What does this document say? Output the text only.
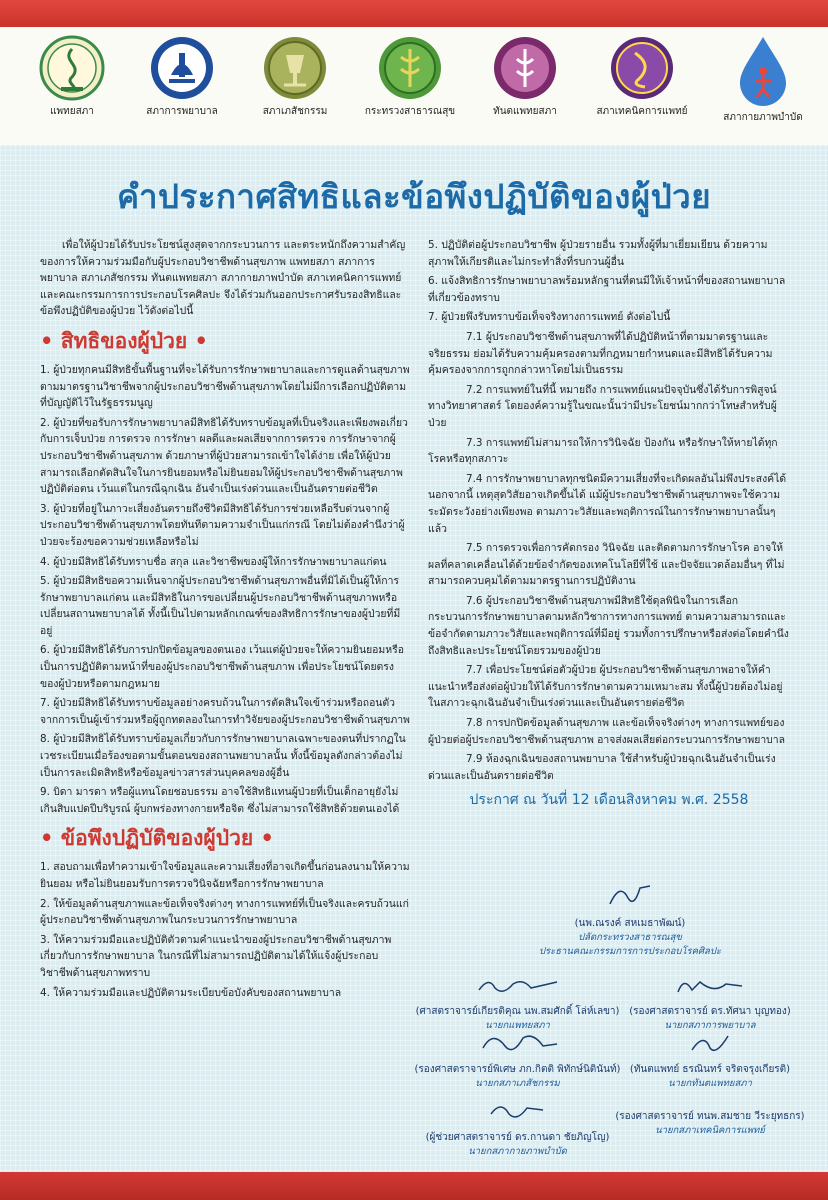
แพทยสภา	สภาการพยาบาล	สภาเภสัชกรรม	กระทรวงสาธารณสุข	ทันตแพทยสภา	สภาเทคนิคการแพทย์
สภากายภาพบำบัด
คำประกาศสิทธิและข้อพึงปฏิบัติของผู้ป่วย

เพื่อให้ผู้ป่วยได้รับประโยชน์สูงสุดจากกระบวนการ และตระหนักถึงความสำคัญของการให้ความร่วมมือกับผู้ประกอบวิชาชีพด้านสุขภาพ แพทยสภา สภาการพยาบาล สภาเภสัชกรรม ทันตแพทยสภา สภากายภาพบำบัด สภาเทคนิคการแพทย์ และคณะกรรมการการประกอบโรคศิลปะ จึงได้ร่วมกันออกประกาศรับรองสิทธิและข้อพึงปฏิบัติของผู้ป่วย ไว้ดังต่อไปนี้

• สิทธิของผู้ป่วย •

1. ผู้ป่วยทุกคนมีสิทธิขั้นพื้นฐานที่จะได้รับการรักษาพยาบาลและการดูแลด้านสุขภาพตามมาตรฐานวิชาชีพจากผู้ประกอบวิชาชีพด้านสุขภาพโดยไม่มีการเลือกปฏิบัติตามที่บัญญัติไว้ในรัฐธรรมนูญ

2. ผู้ป่วยที่ขอรับการรักษาพยาบาลมีสิทธิได้รับทราบข้อมูลที่เป็นจริงและเพียงพอเกี่ยวกับการเจ็บป่วย การตรวจ การรักษา ผลดีและผลเสียจากการตรวจ การรักษาจากผู้ประกอบวิชาชีพด้านสุขภาพ ด้วยภาษาที่ผู้ป่วยสามารถเข้าใจได้ง่าย เพื่อให้ผู้ป่วยสามารถเลือกตัดสินใจในการยินยอมหรือไม่ยินยอมให้ผู้ประกอบวิชาชีพด้านสุขภาพปฏิบัติต่อตน เว้นแต่ในกรณีฉุกเฉิน อันจำเป็นเร่งด่วนและเป็นอันตรายต่อชีวิต

3. ผู้ป่วยที่อยู่ในภาวะเสี่ยงอันตรายถึงชีวิตมีสิทธิได้รับการช่วยเหลือรีบด่วนจากผู้ประกอบวิชาชีพด้านสุขภาพโดยทันทีตามความจำเป็นแก่กรณี โดยไม่ต้องคำนึงว่าผู้ป่วยจะร้องขอความช่วยเหลือหรือไม่

4. ผู้ป่วยมีสิทธิได้รับทราบชื่อ สกุล และวิชาชีพของผู้ให้การรักษาพยาบาลแก่ตน

5. ผู้ป่วยมีสิทธิขอความเห็นจากผู้ประกอบวิชาชีพด้านสุขภาพอื่นที่มิได้เป็นผู้ให้การรักษาพยาบาลแก่ตน และมีสิทธิในการขอเปลี่ยนผู้ประกอบวิชาชีพด้านสุขภาพหรือเปลี่ยนสถานพยาบาลได้ ทั้งนี้เป็นไปตามหลักเกณฑ์ของสิทธิการรักษาของผู้ป่วยที่มีอยู่

6. ผู้ป่วยมีสิทธิได้รับการปกปิดข้อมูลของตนเอง เว้นแต่ผู้ป่วยจะให้ความยินยอมหรือเป็นการปฏิบัติตามหน้าที่ของผู้ประกอบวิชาชีพด้านสุขภาพ เพื่อประโยชน์โดยตรงของผู้ป่วยหรือตามกฎหมาย

7. ผู้ป่วยมีสิทธิได้รับทราบข้อมูลอย่างครบถ้วนในการตัดสินใจเข้าร่วมหรือถอนตัวจากการเป็นผู้เข้าร่วมหรือผู้ถูกทดลองในการทำวิจัยของผู้ประกอบวิชาชีพด้านสุขภาพ

8. ผู้ป่วยมีสิทธิได้รับทราบข้อมูลเกี่ยวกับการรักษาพยาบาลเฉพาะของตนที่ปรากฏในเวชระเบียนเมื่อร้องขอตามขั้นตอนของสถานพยาบาลนั้น ทั้งนี้ข้อมูลดังกล่าวต้องไม่เป็นการละเมิดสิทธิหรือข้อมูลข่าวสารส่วนบุคคลของผู้อื่น

9. บิดา มารดา หรือผู้แทนโดยชอบธรรม อาจใช้สิทธิแทนผู้ป่วยที่เป็นเด็กอายุยังไม่เกินสิบแปดปีบริบูรณ์ ผู้บกพร่องทางกายหรือจิต ซึ่งไม่สามารถใช้สิทธิด้วยตนเองได้

• ข้อพึงปฏิบัติของผู้ป่วย •

1. สอบถามเพื่อทำความเข้าใจข้อมูลและความเสี่ยงที่อาจเกิดขึ้นก่อนลงนามให้ความยินยอม หรือไม่ยินยอมรับการตรวจวินิจฉัยหรือการรักษาพยาบาล

2. ให้ข้อมูลด้านสุขภาพและข้อเท็จจริงต่างๆ ทางการแพทย์ที่เป็นจริงและครบถ้วนแก่ผู้ประกอบวิชาชีพด้านสุขภาพในกระบวนการรักษาพยาบาล

3. ให้ความร่วมมือและปฏิบัติตัวตามคำแนะนำของผู้ประกอบวิชาชีพด้านสุขภาพเกี่ยวกับการรักษาพยาบาล ในกรณีที่ไม่สามารถปฏิบัติตามได้ให้แจ้งผู้ประกอบวิชาชีพด้านสุขภาพทราบ

4. ให้ความร่วมมือและปฏิบัติตามระเบียบข้อบังคับของสถานพยาบาล

5. ปฏิบัติต่อผู้ประกอบวิชาชีพ ผู้ป่วยรายอื่น รวมทั้งผู้ที่มาเยี่ยมเยียน ด้วยความสุภาพให้เกียรติและไม่กระทำสิ่งที่รบกวนผู้อื่น

6. แจ้งสิทธิการรักษาพยาบาลพร้อมหลักฐานที่ตนมีให้เจ้าหน้าที่ของสถานพยาบาลที่เกี่ยวข้องทราบ

7. ผู้ป่วยพึงรับทราบข้อเท็จจริงทางการแพทย์ ดังต่อไปนี้

7.1 ผู้ประกอบวิชาชีพด้านสุขภาพที่ได้ปฏิบัติหน้าที่ตามมาตรฐานและจริยธรรม ย่อมได้รับความคุ้มครองตามที่กฎหมายกำหนดและมีสิทธิได้รับความคุ้มครองจากการถูกกล่าวหาโดยไม่เป็นธรรม

7.2 การแพทย์ในที่นี้ หมายถึง การแพทย์แผนปัจจุบันซึ่งได้รับการพิสูจน์ทางวิทยาศาสตร์ โดยองค์ความรู้ในขณะนั้นว่ามีประโยชน์มากกว่าโทษสำหรับผู้ป่วย

7.3 การแพทย์ไม่สามารถให้การวินิจฉัย ป้องกัน หรือรักษาให้หายได้ทุกโรคหรือทุกสภาวะ

7.4 การรักษาพยาบาลทุกชนิดมีความเสี่ยงที่จะเกิดผลอันไม่พึงประสงค์ได้ นอกจากนี้ เหตุสุดวิสัยอาจเกิดขึ้นได้ แม้ผู้ประกอบวิชาชีพด้านสุขภาพจะใช้ความระมัดระวังอย่างเพียงพอ ตามภาวะวิสัยและพฤติการณ์ในการรักษาพยาบาลนั้นๆ แล้ว

7.5 การตรวจเพื่อการคัดกรอง วินิจฉัย และติดตามการรักษาโรค อาจให้ผลที่คลาดเคลื่อนได้ด้วยข้อจำกัดของเทคโนโลยีที่ใช้ และปัจจัยแวดล้อมอื่นๆ ที่ไม่สามารถควบคุมได้ตามมาตรฐานการปฏิบัติงาน

7.6 ผู้ประกอบวิชาชีพด้านสุขภาพมีสิทธิใช้ดุลพินิจในการเลือกกระบวนการรักษาพยาบาลตามหลักวิชาการทางการแพทย์ ตามความสามารถและข้อจำกัดตามภาวะวิสัยและพฤติการณ์ที่มีอยู่ รวมทั้งการปรึกษาหรือส่งต่อโดยคำนึงถึงสิทธิและประโยชน์โดยรวมของผู้ป่วย

7.7 เพื่อประโยชน์ต่อตัวผู้ป่วย ผู้ประกอบวิชาชีพด้านสุขภาพอาจให้คำแนะนำหรือส่งต่อผู้ป่วยให้ได้รับการรักษาตามความเหมาะสม ทั้งนี้ผู้ป่วยต้องไม่อยู่ในสภาวะฉุกเฉินอันจำเป็นเร่งด่วนและเป็นอันตรายต่อชีวิต

7.8 การปกปิดข้อมูลด้านสุขภาพ และข้อเท็จจริงต่างๆ ทางการแพทย์ของผู้ป่วยต่อผู้ประกอบวิชาชีพด้านสุขภาพ อาจส่งผลเสียต่อกระบวนการรักษาพยาบาล

7.9 ห้องฉุกเฉินของสถานพยาบาล ใช้สำหรับผู้ป่วยฉุกเฉินอันจำเป็นเร่งด่วนและเป็นอันตรายต่อชีวิต

ประกาศ ณ วันที่ 12 เดือนสิงหาคม พ.ศ. 2558
(นพ.ณรงค์ สหเมธาพัฒน์)
ปลัดกระทรวงสาธารณสุข
ประธานคณะกรรมการการประกอบโรคศิลปะ
(ศาสตราจารย์เกียรติคุณ นพ.สมศักดิ์ โล่ห์เลขา)
นายกแพทยสภา
(รองศาสตราจารย์ ดร.ทัศนา บุญทอง)
นายกสภาการพยาบาล
(รองศาสตราจารย์พิเศษ ภก.กิตติ พิทักษ์นิตินันท์)
นายกสภาเภสัชกรรม
(ทันตแพทย์ ธรณินทร์ จริตจรุงเกียรติ)
นายกทันตแพทยสภา
(ผู้ช่วยศาสตราจารย์ ดร.กานดา ชัยภิญโญ)
นายกสภากายภาพบำบัด
(รองศาสตราจารย์ ทนพ.สมชาย วีระยุทธกร)
นายกสภาเทคนิคการแพทย์
